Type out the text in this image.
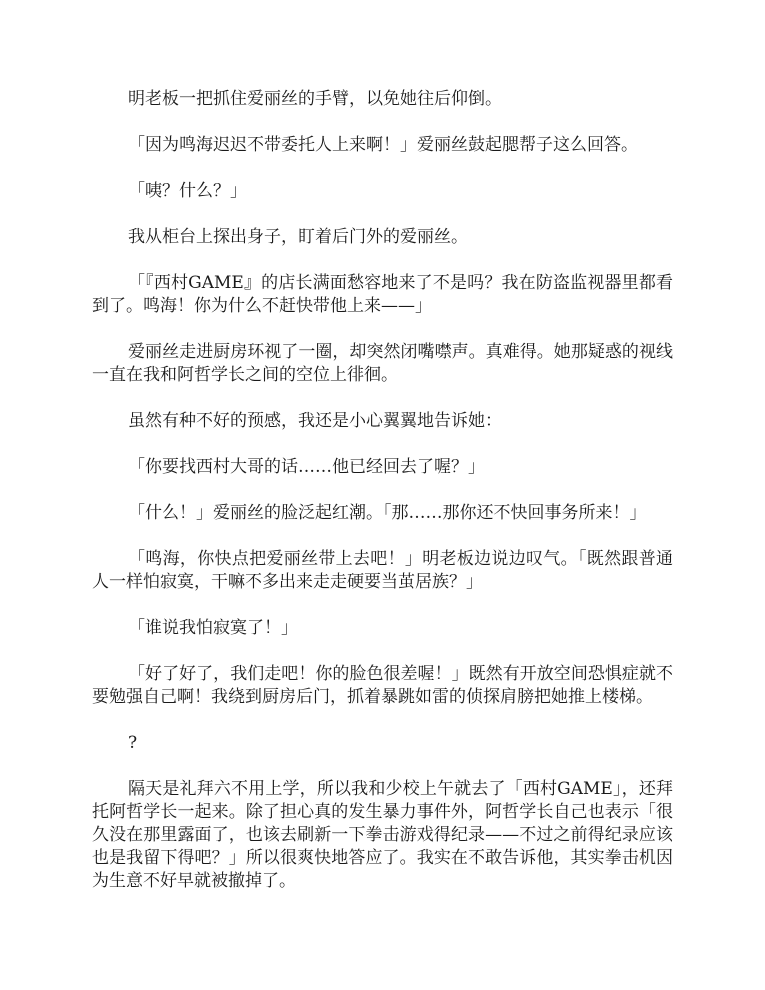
明老板一把抓住爱丽丝的手臂，以免她往后仰倒。

「因为鸣海迟迟不带委托人上来啊！」爱丽丝鼓起腮帮子这么回答。

「咦？什么？」

我从柜台上探出身子，盯着后门外的爱丽丝。

「『西村GAME』的店长满面愁容地来了不是吗？我在防盗监视器里都看到了。鸣海！你为什么不赶快带他上来——」

爱丽丝走进厨房环视了一圈，却突然闭嘴噤声。真难得。她那疑惑的视线一直在我和阿哲学长之间的空位上徘徊。

虽然有种不好的预感，我还是小心翼翼地告诉她：

「你要找西村大哥的话……他已经回去了喔？」

「什么！」爱丽丝的脸泛起红潮。「那……那你还不快回事务所来！」

「鸣海，你快点把爱丽丝带上去吧！」明老板边说边叹气。「既然跟普通人一样怕寂寞，干嘛不多出来走走硬要当茧居族？」

「谁说我怕寂寞了！」

「好了好了，我们走吧！你的脸色很差喔！」既然有开放空间恐惧症就不要勉强自己啊！我绕到厨房后门，抓着暴跳如雷的侦探肩膀把她推上楼梯。

?

隔天是礼拜六不用上学，所以我和少校上午就去了「西村GAME」，还拜托阿哲学长一起来。除了担心真的发生暴力事件外，阿哲学长自己也表示「很久没在那里露面了，也该去刷新一下拳击游戏得纪录——不过之前得纪录应该也是我留下得吧？」所以很爽快地答应了。我实在不敢告诉他，其实拳击机因为生意不好早就被撤掉了。
